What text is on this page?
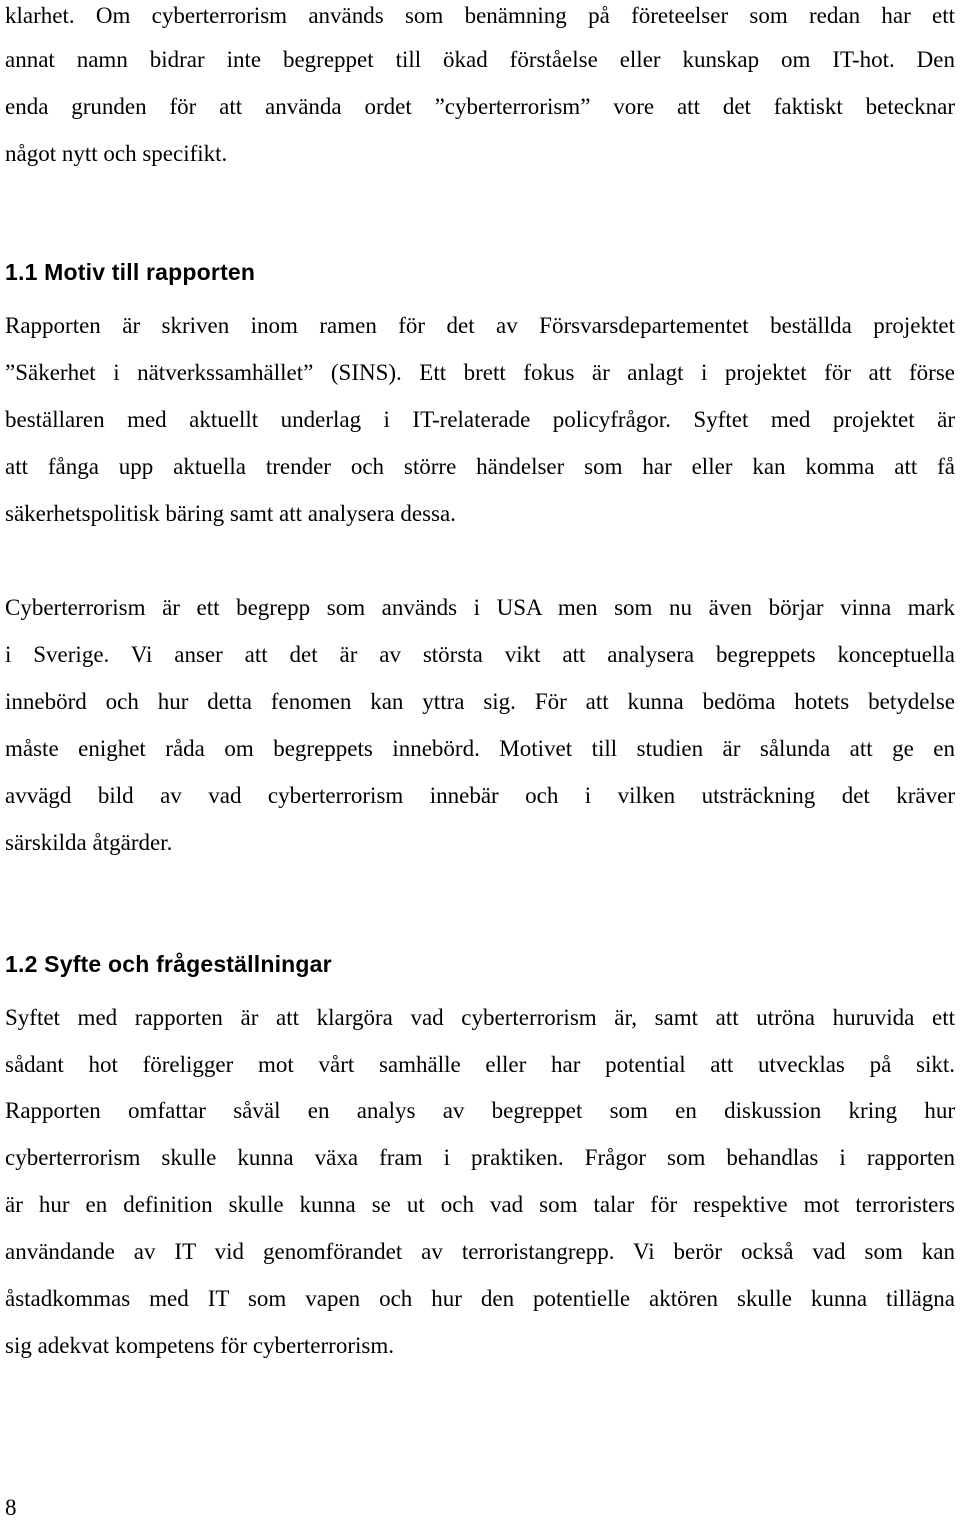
klarhet. Om cyberterrorism används som benämning på företeelser som redan har ett
annat namn bidrar inte begreppet till ökad förståelse eller kunskap om IT-hot. Den
enda grunden för att använda ordet ”cyberterrorism” vore att det faktiskt betecknar
något nytt och specifikt.
1.1 Motiv till rapporten
Rapporten är skriven inom ramen för det av Försvarsdepartementet beställda projektet
”Säkerhet i nätverkssamhället” (SINS). Ett brett fokus är anlagt i projektet för att förse
beställaren med aktuellt underlag i IT-relaterade policyfrågor. Syftet med projektet är
att fånga upp aktuella trender och större händelser som har eller kan komma att få
säkerhetspolitisk bäring samt att analysera dessa.
Cyberterrorism är ett begrepp som används i USA men som nu även börjar vinna mark
i Sverige. Vi anser att det är av största vikt att analysera begreppets konceptuella
innebörd och hur detta fenomen kan yttra sig. För att kunna bedöma hotets betydelse
måste enighet råda om begreppets innebörd. Motivet till studien är sålunda att ge en
avvägd bild av vad cyberterrorism innebär och i vilken utsträckning det kräver
särskilda åtgärder.
1.2 Syfte och frågeställningar
Syftet med rapporten är att klargöra vad cyberterrorism är, samt att utröna huruvida ett
sådant hot föreligger mot vårt samhälle eller har potential att utvecklas på sikt.
Rapporten omfattar såväl en analys av begreppet som en diskussion kring hur
cyberterrorism skulle kunna växa fram i praktiken. Frågor som behandlas i rapporten
är hur en definition skulle kunna se ut och vad som talar för respektive mot terroristers
användande av IT vid genomförandet av terroristangrepp. Vi berör också vad som kan
åstadkommas med IT som vapen och hur den potentielle aktören skulle kunna tillägna
sig adekvat kompetens för cyberterrorism.
8
